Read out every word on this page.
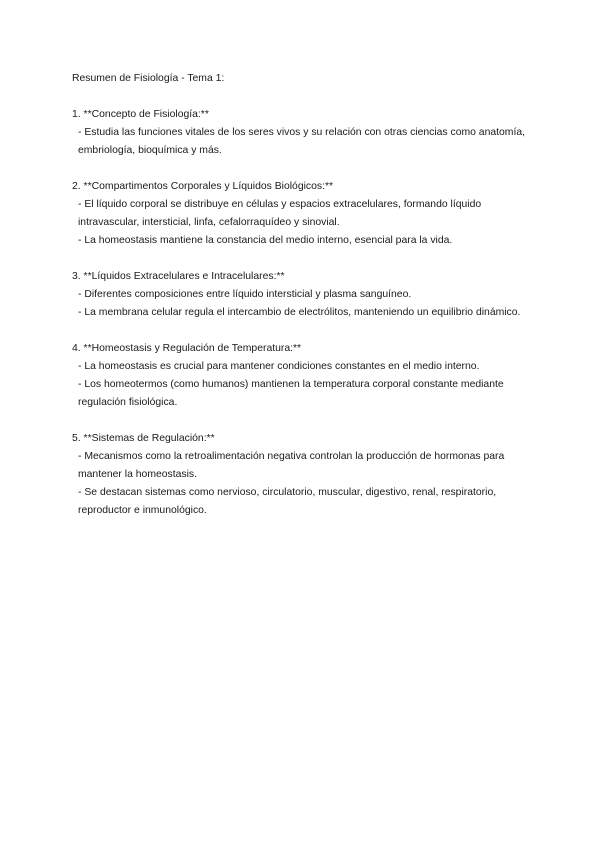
Resumen de Fisiología - Tema 1:
1. **Concepto de Fisiología:**
- Estudia las funciones vitales de los seres vivos y su relación con otras ciencias como anatomía, embriología, bioquímica y más.
2. **Compartimentos Corporales y Líquidos Biológicos:**
- El líquido corporal se distribuye en células y espacios extracelulares, formando líquido intravascular, intersticial, linfa, cefalorraquídeo y sinovial.
- La homeostasis mantiene la constancia del medio interno, esencial para la vida.
3. **Líquidos Extracelulares e Intracelulares:**
- Diferentes composiciones entre líquido intersticial y plasma sanguíneo.
- La membrana celular regula el intercambio de electrólitos, manteniendo un equilibrio dinámico.
4. **Homeostasis y Regulación de Temperatura:**
- La homeostasis es crucial para mantener condiciones constantes en el medio interno.
- Los homeotermos (como humanos) mantienen la temperatura corporal constante mediante regulación fisiológica.
5. **Sistemas de Regulación:**
- Mecanismos como la retroalimentación negativa controlan la producción de hormonas para mantener la homeostasis.
- Se destacan sistemas como nervioso, circulatorio, muscular, digestivo, renal, respiratorio, reproductor e inmunológico.
